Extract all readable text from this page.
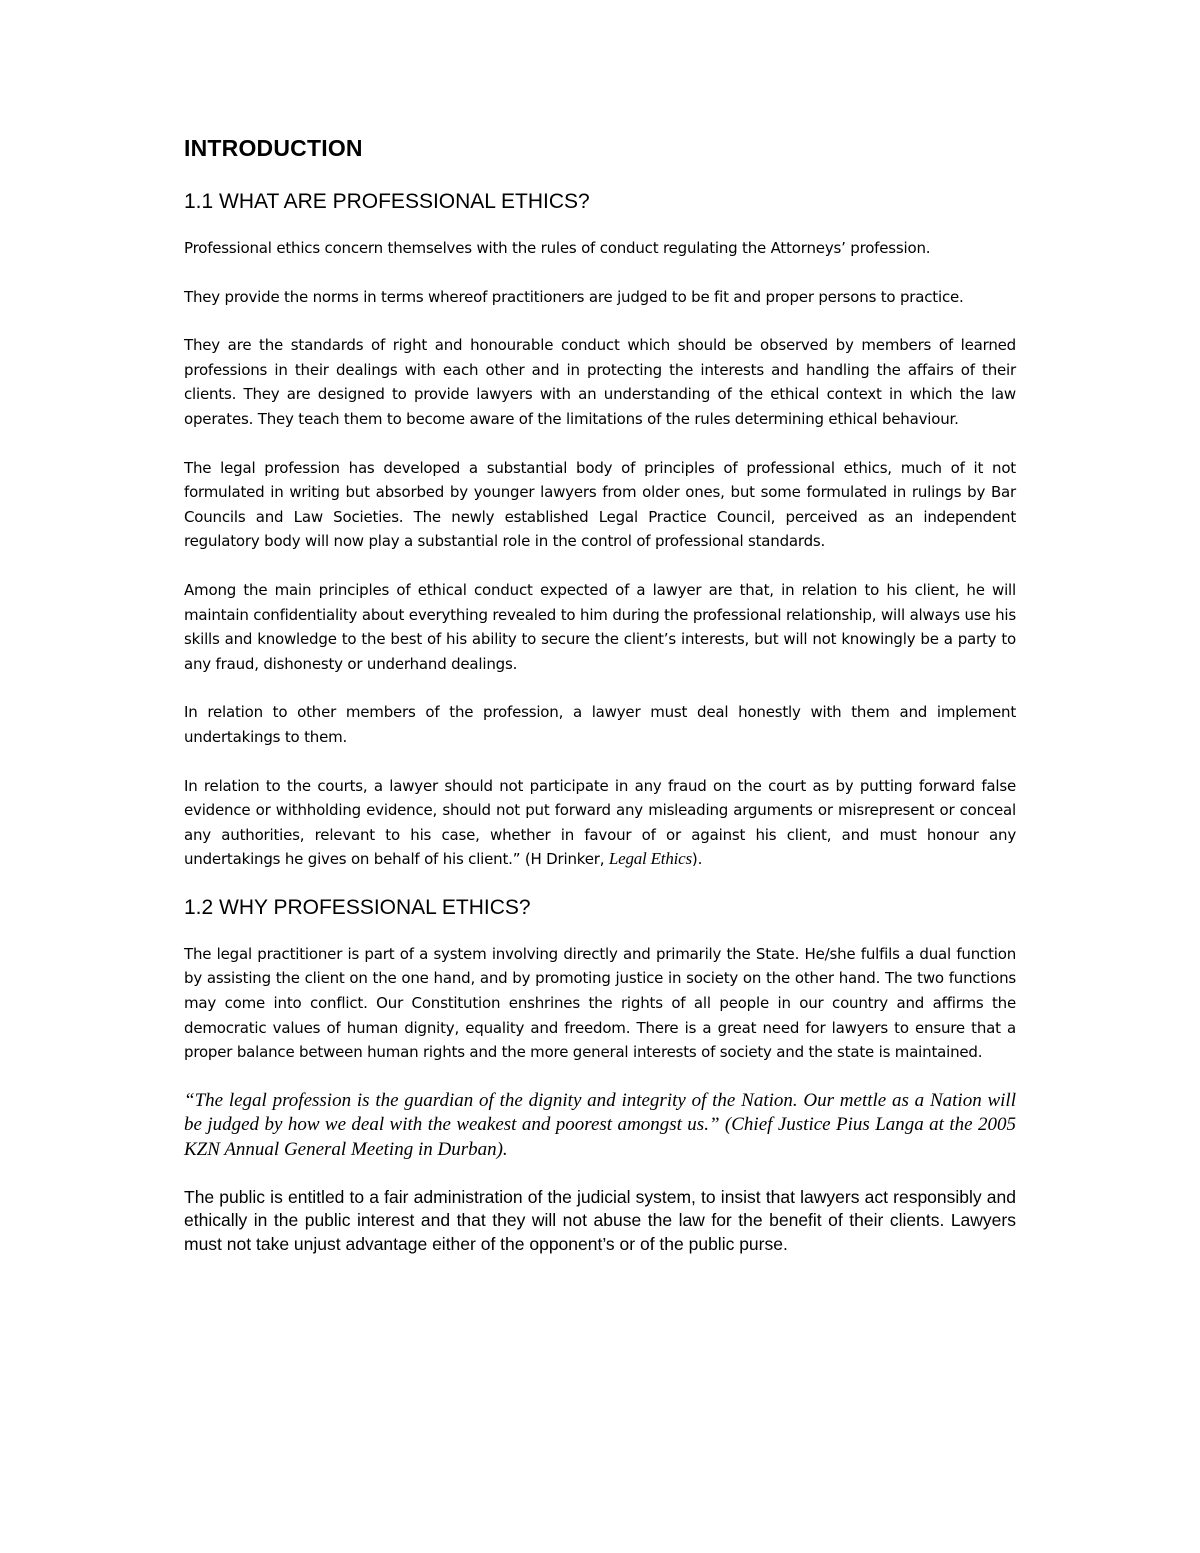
INTRODUCTION
1.1 WHAT ARE PROFESSIONAL ETHICS?

Professional ethics concern themselves with the rules of conduct regulating the Attorneys’ profession.

They provide the norms in terms whereof practitioners are judged to be fit and proper persons to practice.

They are the standards of right and honourable conduct which should be observed by members of learned professions in their dealings with each other and in protecting the interests and handling the affairs of their clients. They are designed to provide lawyers with an understanding of the ethical context in which the law operates. They teach them to become aware of the limitations of the rules determining ethical behaviour.

The legal profession has developed a substantial body of principles of professional ethics, much of it not formulated in writing but absorbed by younger lawyers from older ones, but some formulated in rulings by Bar Councils and Law Societies. The newly established Legal Practice Council, perceived as an independent regulatory body will now play a substantial role in the control of professional standards.

Among the main principles of ethical conduct expected of a lawyer are that, in relation to his client, he will maintain confidentiality about everything revealed to him during the professional relationship, will always use his skills and knowledge to the best of his ability to secure the client’s interests, but will not knowingly be a party to any fraud, dishonesty or underhand dealings.

In relation to other members of the profession, a lawyer must deal honestly with them and implement undertakings to them.

In relation to the courts, a lawyer should not participate in any fraud on the court as by putting forward false evidence or withholding evidence, should not put forward any misleading arguments or misrepresent or conceal any authorities, relevant to his case, whether in favour of or against his client, and must honour any undertakings he gives on behalf of his client.” (H Drinker, Legal Ethics).

1.2 WHY PROFESSIONAL ETHICS?

The legal practitioner is part of a system involving directly and primarily the State. He/she fulfils a dual function by assisting the client on the one hand, and by promoting justice in society on the other hand. The two functions may come into conflict. Our Constitution enshrines the rights of all people in our country and affirms the democratic values of human dignity, equality and freedom. There is a great need for lawyers to ensure that a proper balance between human rights and the more general interests of society and the state is maintained.

“The legal profession is the guardian of the dignity and integrity of the Nation. Our mettle as a Nation will be judged by how we deal with the weakest and poorest amongst us.” (Chief Justice Pius Langa at the 2005 KZN Annual General Meeting in Durban).

The public is entitled to a fair administration of the judicial system, to insist that lawyers act responsibly and ethically in the public interest and that they will not abuse the law for the benefit of their clients. Lawyers must not take unjust advantage either of the opponent’s or of the public purse.
